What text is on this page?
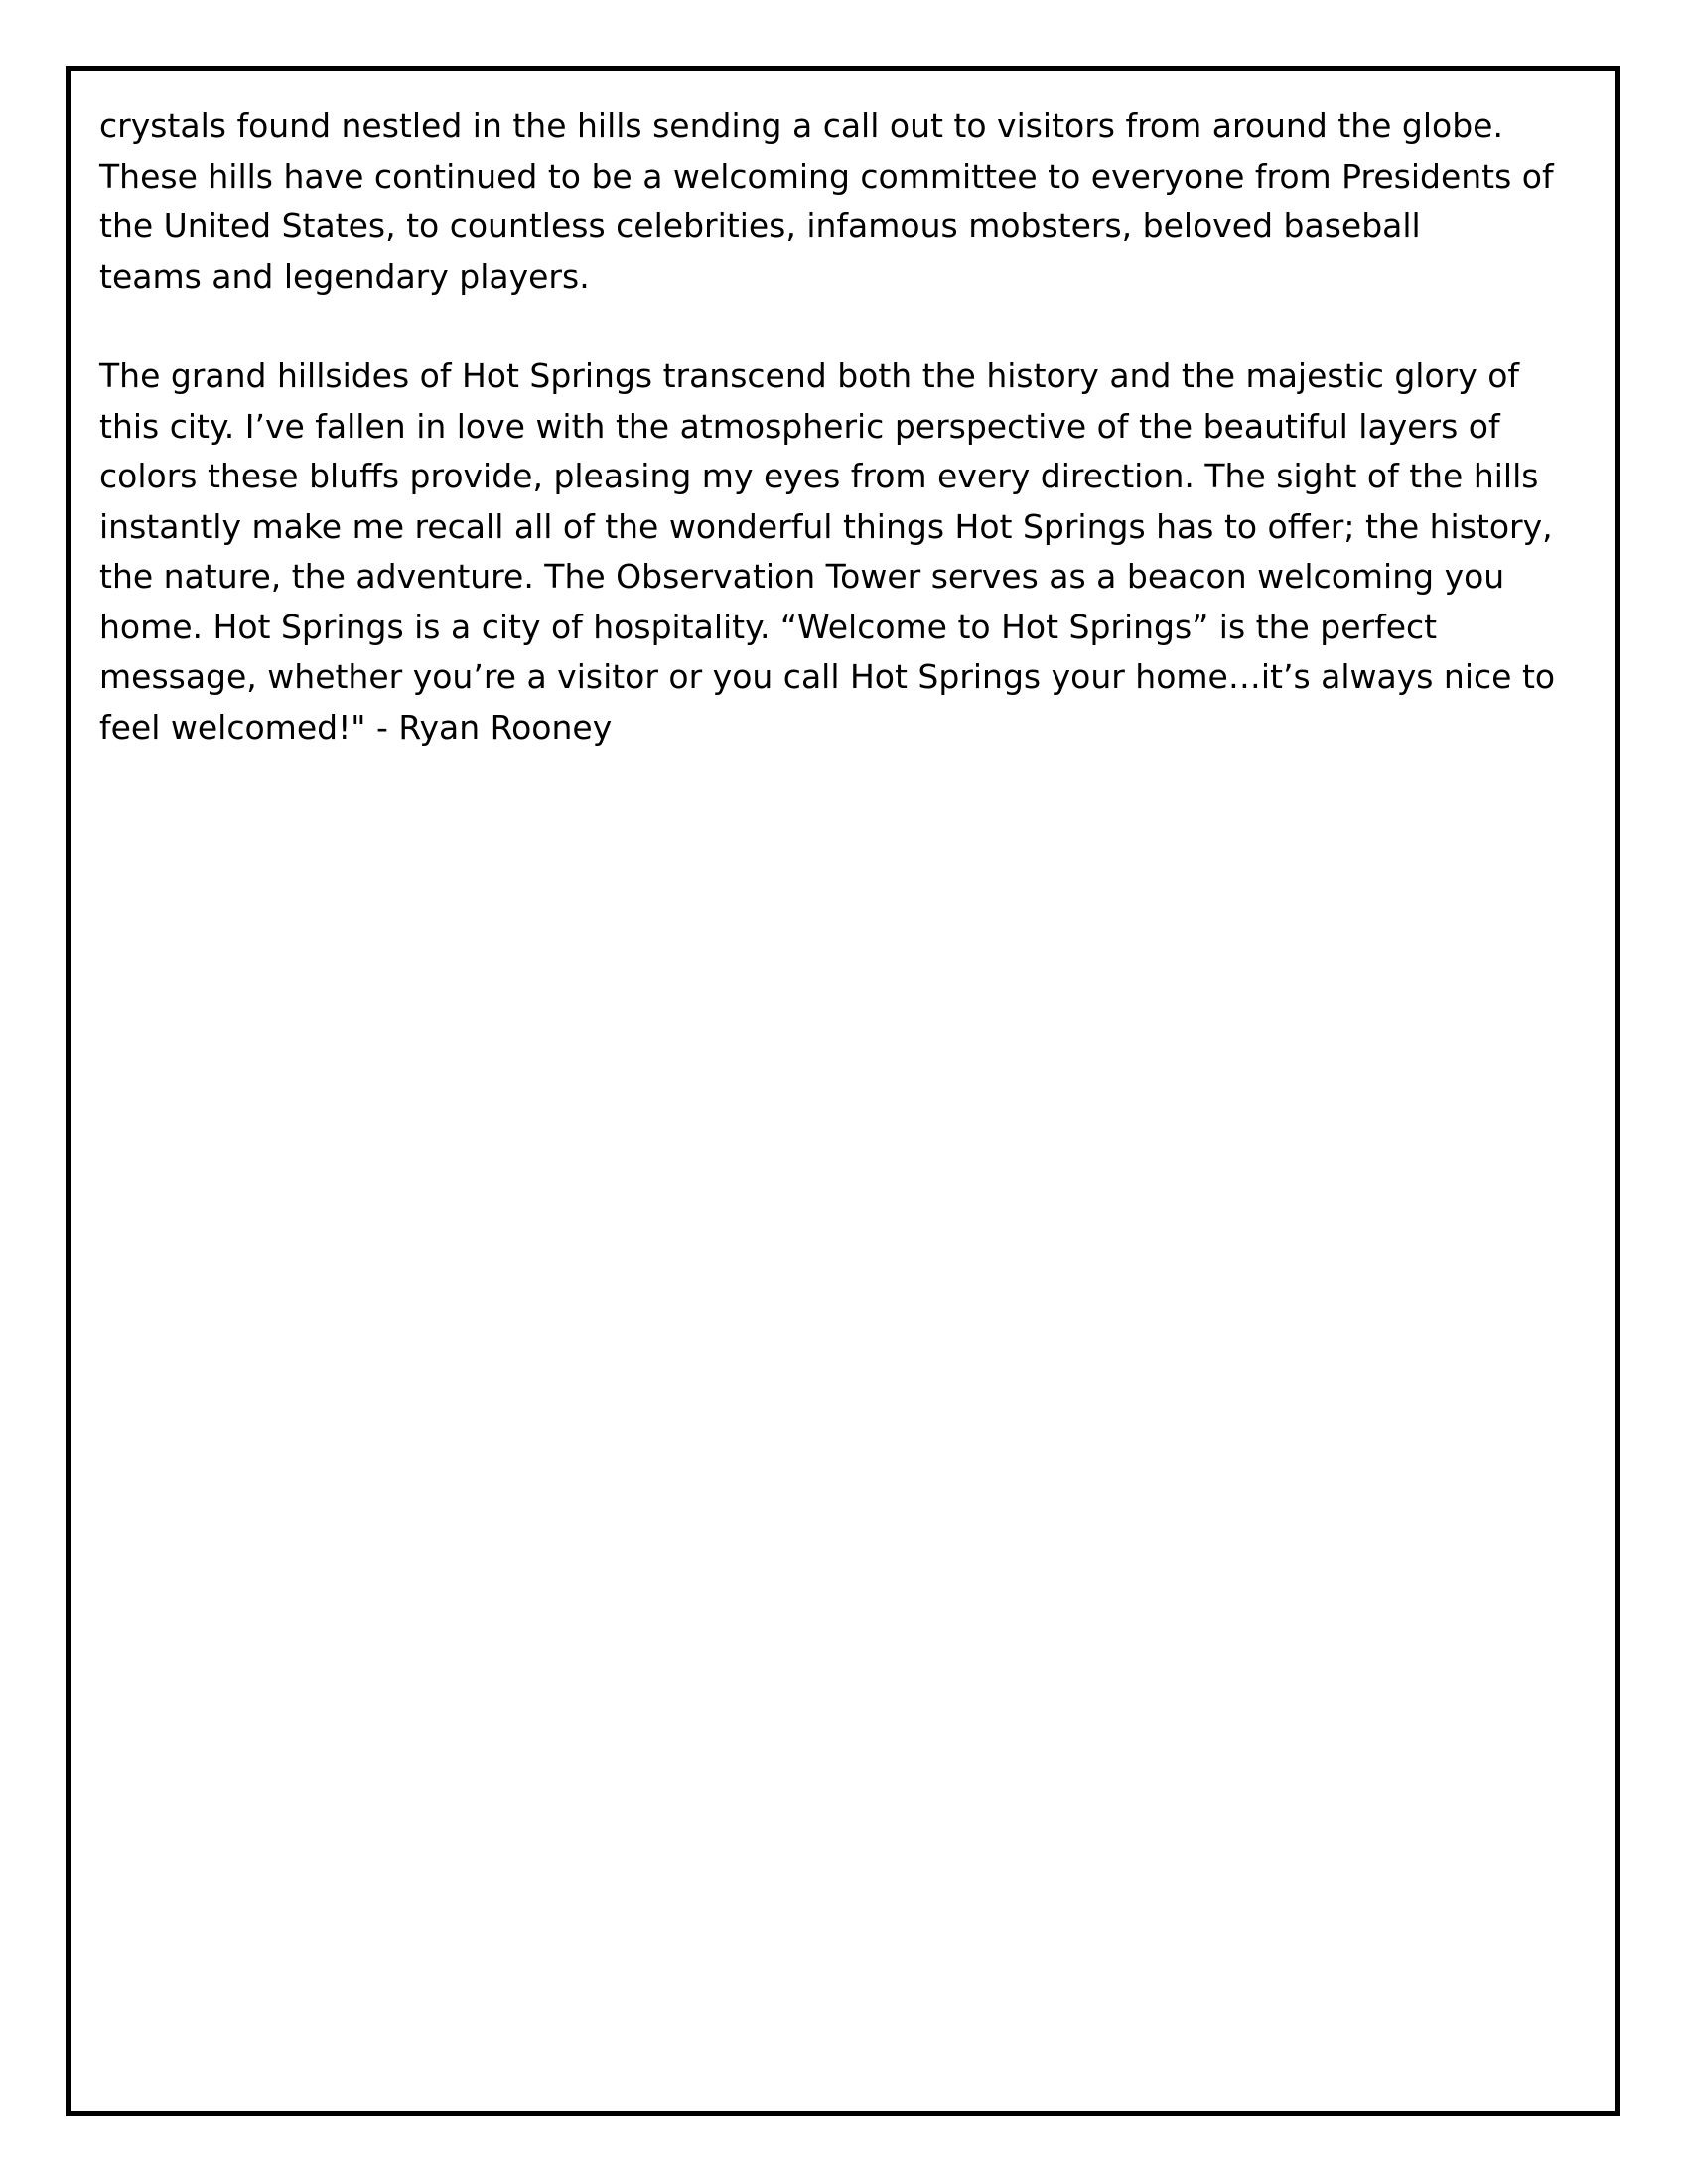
crystals found nestled in the hills sending a call out to visitors from around the globe.
These hills have continued to be a welcoming committee to everyone from Presidents of
the United States, to countless celebrities, infamous mobsters, beloved baseball
teams and legendary players.

The grand hillsides of Hot Springs transcend both the history and the majestic glory of
this city. I’ve fallen in love with the atmospheric perspective of the beautiful layers of
colors these bluffs provide, pleasing my eyes from every direction. The sight of the hills
instantly make me recall all of the wonderful things Hot Springs has to offer; the history,
the nature, the adventure. The Observation Tower serves as a beacon welcoming you
home. Hot Springs is a city of hospitality. “Welcome to Hot Springs” is the perfect
message, whether you’re a visitor or you call Hot Springs your home…it’s always nice to
feel welcomed!" - Ryan Rooney
